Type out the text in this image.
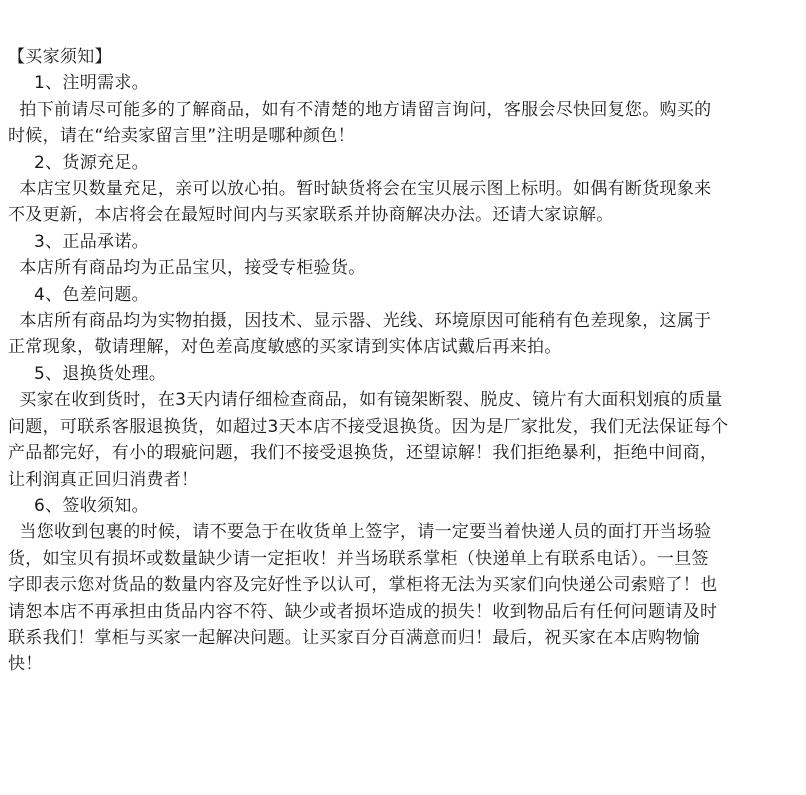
【买家须知】
1、注明需求。
拍下前请尽可能多的了解商品，如有不清楚的地方请留言询问，客服会尽快回复您。购买的
时候，请在“给卖家留言里”注明是哪种颜色！
2、货源充足。
本店宝贝数量充足，亲可以放心拍。暂时缺货将会在宝贝展示图上标明。如偶有断货现象来
不及更新，本店将会在最短时间内与买家联系并协商解决办法。还请大家谅解。
3、正品承诺。
本店所有商品均为正品宝贝，接受专柜验货。
4、色差问题。
本店所有商品均为实物拍摄，因技术、显示器、光线、环境原因可能稍有色差现象，这属于
正常现象，敬请理解，对色差高度敏感的买家请到实体店试戴后再来拍。
5、退换货处理。
买家在收到货时，在3天内请仔细检查商品，如有镜架断裂、脱皮、镜片有大面积划痕的质量
问题，可联系客服退换货，如超过3天本店不接受退换货。因为是厂家批发，我们无法保证每个
产品都完好，有小的瑕疵问题，我们不接受退换货，还望谅解！我们拒绝暴利，拒绝中间商，
让利润真正回归消费者！
6、签收须知。
当您收到包裹的时候，请不要急于在收货单上签字，请一定要当着快递人员的面打开当场验
货，如宝贝有损坏或数量缺少请一定拒收！并当场联系掌柜（快递单上有联系电话）。一旦签
字即表示您对货品的数量内容及完好性予以认可，掌柜将无法为买家们向快递公司索赔了！也
请恕本店不再承担由货品内容不符、缺少或者损坏造成的损失！收到物品后有任何问题请及时
联系我们！掌柜与买家一起解决问题。让买家百分百满意而归！最后，祝买家在本店购物愉
快！
